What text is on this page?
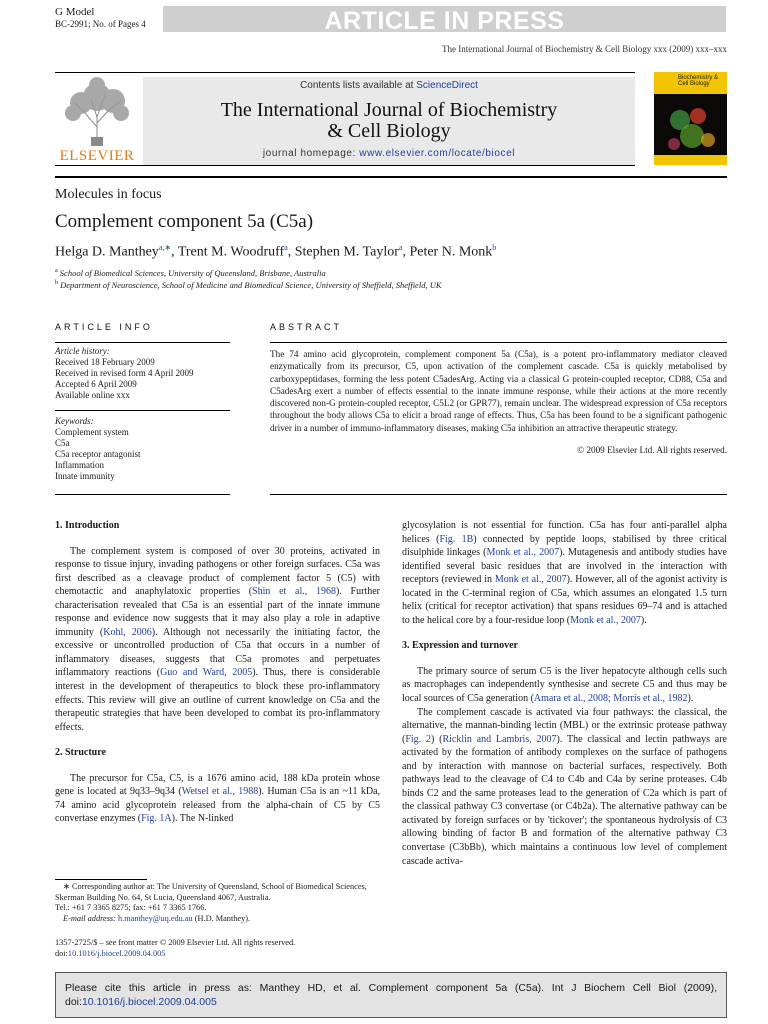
G Model
BC-2991; No. of Pages 4	ARTICLE IN PRESS
The International Journal of Biochemistry & Cell Biology xxx (2009) xxx–xxx
ELSEVIER
Contents lists available at ScienceDirect
The International Journal of Biochemistry
& Cell Biology
journal homepage: www.elsevier.com/locate/biocel
Biochemistry &
Cell Biology
Molecules in focus
Complement component 5a (C5a)
Helga D. Manthey$^{a,∗}$, Trent M. Woodruff$^a$, Stephen M. Taylor$^a$, Peter N. Monk$^b$
$^a$ School of Biomedical Sciences, University of Queensland, Brisbane, Australia
$^b$ Department of Neuroscience, School of Medicine and Biomedical Science, University of Sheffield, Sheffield, UK
ARTICLE INFO	ABSTRACT
Article history:
Received 18 February 2009
Received in revised form 4 April 2009
Accepted 6 April 2009
Available online xxx
Keywords:
Complement system
C5a
C5a receptor antagonist
Inflammation
Innate immunity
The 74 amino acid glycoprotein, complement component 5a (C5a), is a potent pro-inflammatory mediator cleaved enzymatically from its precursor, C5, upon activation of the complement cascade. C5a is quickly metabolised by carboxypeptidases, forming the less potent C5adesArg. Acting via a classical G protein-coupled receptor, CD88, C5a and C5adesArg exert a number of effects essential to the innate immune response, while their actions at the more recently discovered non-G protein-coupled receptor, C5L2 (or GPR77), remain unclear. The widespread expression of C5a receptors throughout the body allows C5a to elicit a broad range of effects. Thus, C5a has been found to be a significant pathogenic driver in a number of immuno-inflammatory diseases, making C5a inhibition an attractive therapeutic strategy.
© 2009 Elsevier Ltd. All rights reserved.
1. Introduction

The complement system is composed of over 30 proteins, activated in response to tissue injury, invading pathogens or other foreign surfaces. C5a was first described as a cleavage product of complement factor 5 (C5) with chemotactic and anaphylatoxic properties (Shin et al., 1968). Further characterisation revealed that C5a is an essential part of the innate immune response and evidence now suggests that it may also play a role in adaptive immunity (Kohl, 2006). Although not necessarily the initiating factor, the excessive or uncontrolled production of C5a that occurs in a number of inflammatory diseases, suggests that C5a promotes and perpetuates inflammatory reactions (Guo and Ward, 2005). Thus, there is considerable interest in the development of therapeutics to block these pro-inflammatory effects. This review will give an outline of current knowledge on C5a and the therapeutic strategies that have been developed to combat its pro-inflammatory effects.

2. Structure

The precursor for C5a, C5, is a 1676 amino acid, 188 kDa protein whose gene is located at 9q33–9q34 (Wetsel et al., 1988). Human C5a is an ~11 kDa, 74 amino acid glycoprotein released from the alpha-chain of C5 by C5 convertase enzymes (Fig. 1A). The N-linked

∗ Corresponding author at: The University of Queensland, School of Biomedical Sciences, Skerman Building No. 64, St Lucia, Queensland 4067, Australia.
Tel.: +61 7 3365 8275; fax: +61 7 3365 1766.
E-mail address: h.manthey@uq.edu.au (H.D. Manthey).
1357-2725/$ – see front matter © 2009 Elsevier Ltd. All rights reserved.
doi:10.1016/j.biocel.2009.04.005

glycosylation is not essential for function. C5a has four anti-parallel alpha helices (Fig. 1B) connected by peptide loops, stabilised by three critical disulphide linkages (Monk et al., 2007). Mutagenesis and antibody studies have identified several basic residues that are involved in the interaction with receptors (reviewed in Monk et al., 2007). However, all of the agonist activity is located in the C-terminal region of C5a, which assumes an elongated 1.5 turn helix (critical for receptor activation) that spans residues 69–74 and is attached to the helical core by a four-residue loop (Monk et al., 2007).

3. Expression and turnover

The primary source of serum C5 is the liver hepatocyte although cells such as macrophages can independently synthesise and secrete C5 and thus may be local sources of C5a generation (Amara et al., 2008; Morris et al., 1982).

The complement cascade is activated via four pathways: the classical, the alternative, the mannan-binding lectin (MBL) or the extrinsic protease pathway (Fig. 2) (Ricklin and Lambris, 2007). The classical and lectin pathways are activated by the formation of antibody complexes on the surface of pathogens and by interaction with mannose on bacterial surfaces, respectively. Both pathways lead to the cleavage of C4 to C4b and C4a by serine proteases. C4b binds C2 and the same proteases lead to the generation of C2a which is part of the classical pathway C3 convertase (or C4b2a). The alternative pathway can be activated by foreign surfaces or by 'tickover'; the spontaneous hydrolysis of C3 allowing binding of factor B and formation of the alternative pathway C3 convertase (C3bBb), which maintains a continuous low level of complement cascade activa-

Please cite this article in press as: Manthey HD, et al. Complement component 5a (C5a). Int J Biochem Cell Biol (2009), doi:10.1016/j.biocel.2009.04.005
